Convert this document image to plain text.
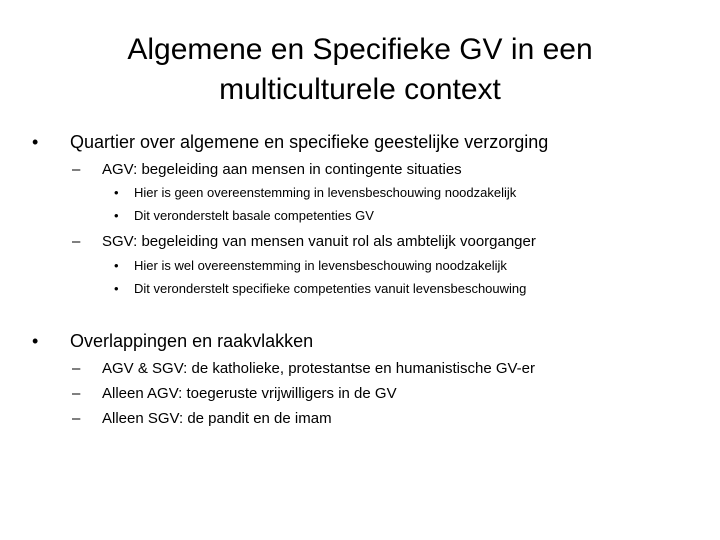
Algemene en Specifieke GV in een
multiculturele context
• Quartier over algemene en specifieke geestelijke verzorging
– AGV: begeleiding aan mensen in contingente situaties
• Hier is geen overeenstemming in levensbeschouwing noodzakelijk
• Dit veronderstelt basale competenties GV
– SGV: begeleiding van mensen vanuit rol als ambtelijk voorganger
• Hier is wel overeenstemming in levensbeschouwing noodzakelijk
• Dit veronderstelt specifieke competenties vanuit levensbeschouwing
• Overlappingen en raakvlakken
– AGV & SGV: de katholieke, protestantse en humanistische GV-er
– Alleen AGV: toegeruste vrijwilligers in de GV
– Alleen SGV: de pandit en de imam
